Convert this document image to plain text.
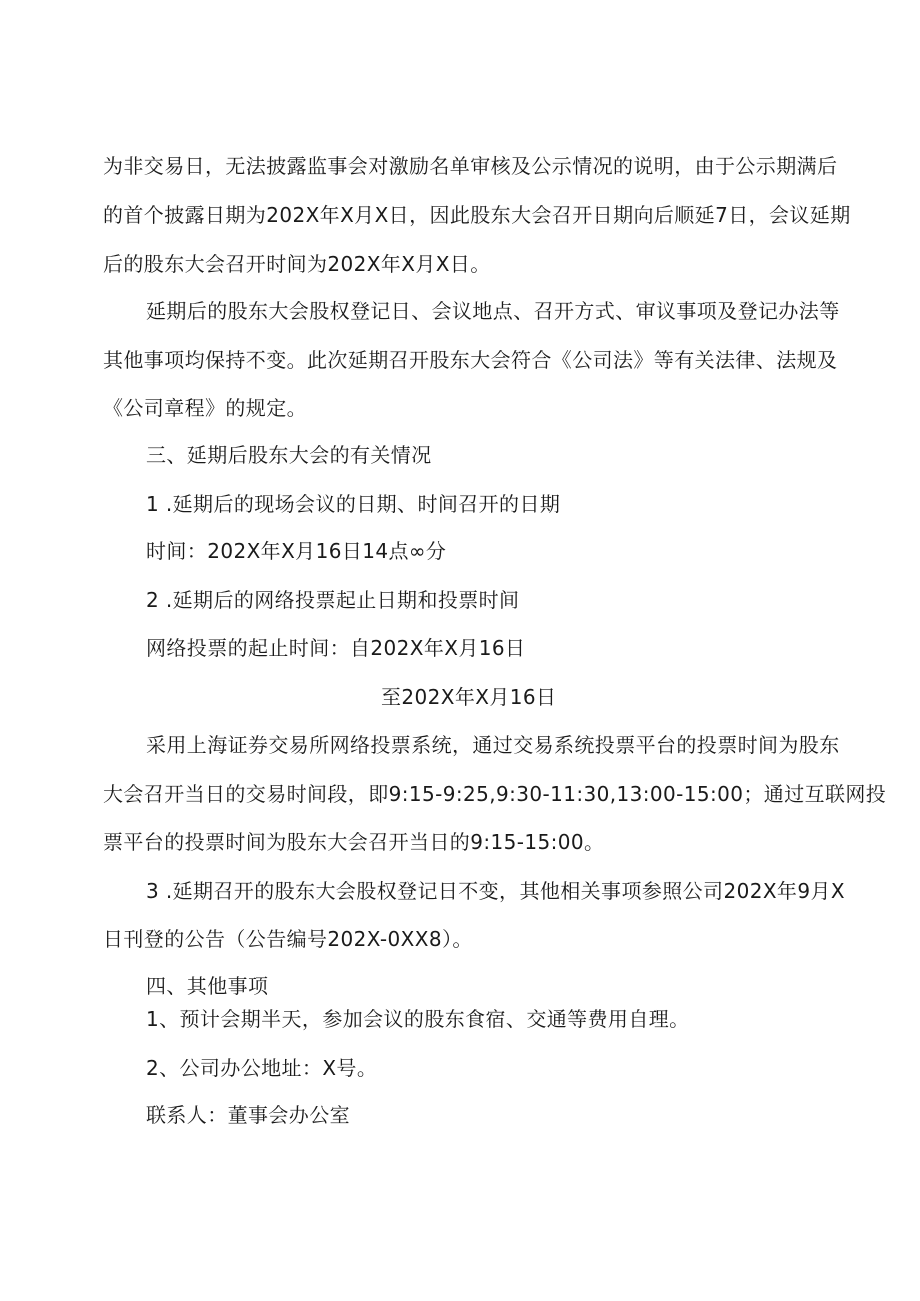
为非交易日，无法披露监事会对激励名单审核及公示情况的说明，由于公示期满后
的首个披露日期为202X年X月X日，因此股东大会召开日期向后顺延7日，会议延期
后的股东大会召开时间为202X年X月X日。
延期后的股东大会股权登记日、会议地点、召开方式、审议事项及登记办法等
其他事项均保持不变。此次延期召开股东大会符合《公司法》等有关法律、法规及
《公司章程》的规定。
三、延期后股东大会的有关情况
1 .延期后的现场会议的日期、时间召开的日期
时间：202X年X月16日14点∞分
2 .延期后的网络投票起止日期和投票时间
网络投票的起止时间：自202X年X月16日
至202X年X月16日
采用上海证券交易所网络投票系统，通过交易系统投票平台的投票时间为股东
大会召开当日的交易时间段，即9:15-9:25,9:30-11:30,13:00-15:00；通过互联网投
票平台的投票时间为股东大会召开当日的9:15-15:00。
3 .延期召开的股东大会股权登记日不变，其他相关事项参照公司202X年9月X
日刊登的公告（公告编号202X-0XX8）。
四、其他事项
1、预计会期半天，参加会议的股东食宿、交通等费用自理。
2、公司办公地址：X号。
联系人：董事会办公室
